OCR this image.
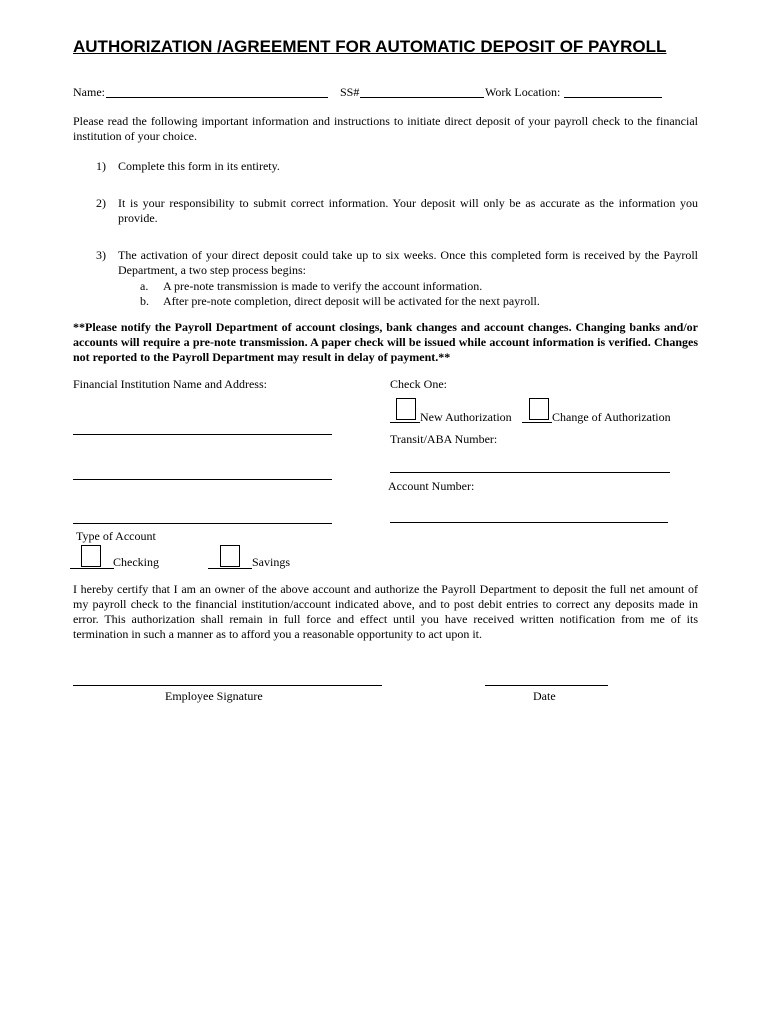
AUTHORIZATION /AGREEMENT FOR AUTOMATIC DEPOSIT OF PAYROLL
Name:	SS#	Work Location:
Please read the following important information and instructions to initiate direct deposit of your payroll check to the financial institution of your choice.
1) Complete this form in its entirety.
2) It is your responsibility to submit correct information. Your deposit will only be as accurate as the information you provide.
3) The activation of your direct deposit could take up to six weeks. Once this completed form is received by the Payroll Department, a two step process begins:
a. A pre-note transmission is made to verify the account information.
b. After pre-note completion, direct deposit will be activated for the next payroll.
**Please notify the Payroll Department of account closings, bank changes and account changes. Changing banks and/or accounts will require a pre-note transmission. A paper check will be issued while account information is verified. Changes not reported to the Payroll Department may result in delay of payment.**
Financial Institution Name and Address:	Check One:
New Authorization	Change of Authorization
Transit/ABA Number:
Account Number:
Type of Account
Checking	Savings
I hereby certify that I am an owner of the above account and authorize the Payroll Department to deposit the full net amount of my payroll check to the financial institution/account indicated above, and to post debit entries to correct any deposits made in error. This authorization shall remain in full force and effect until you have received written notification from me of its termination in such a manner as to afford you a reasonable opportunity to act upon it.
Employee Signature	Date
